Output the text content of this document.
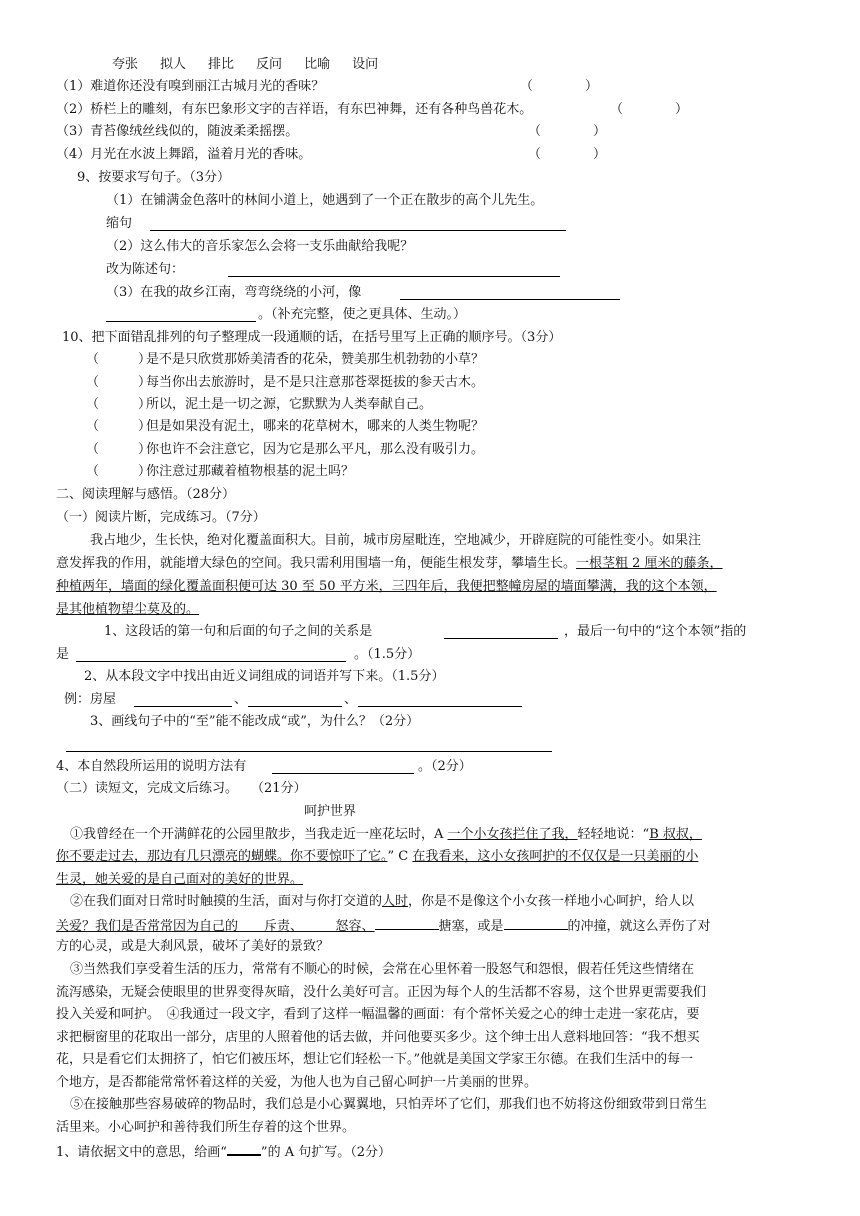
夸张 拟人 排比 反问 比喻 设问
（1）难道你还没有嗅到丽江古城月光的香味？	（　　　　）
（2）桥栏上的雕刻，有东巴象形文字的吉祥语，有东巴神舞，还有各种鸟兽花木。	（　　　　）
（3）青苔像绒丝线似的，随波柔柔摇摆。	（　　　　）
（4）月光在水波上舞蹈，溢着月光的香味。	（　　　　）
9、按要求写句子。（3分）
（1）在铺满金色落叶的林间小道上，她遇到了一个正在散步的高个儿先生。
缩句
（2）这么伟大的音乐家怎么会将一支乐曲献给我呢？
改为陈述句：
（3）在我的故乡江南，弯弯绕绕的小河，像
。（补充完整，使之更具体、生动。）
10、把下面错乱排列的句子整理成一段通顺的话，在括号里写上正确的顺序号。（3分）
（　　　）
是不是只欣赏那娇美清香的花朵，赞美那生机勃勃的小草？
（　　　）
每当你出去旅游时，是不是只注意那苍翠挺拔的参天古木。
（　　　）
所以，泥土是一切之源，它默默为人类奉献自己。
（　　　）
但是如果没有泥土，哪来的花草树木，哪来的人类生物呢？
（　　　）
你也许不会注意它，因为它是那么平凡，那么没有吸引力。
（　　　）
你注意过那藏着植物根基的泥土吗？
二、阅读理解与感悟。（28分）
（一）阅读片断，完成练习。（7分）
我占地少，生长快，绝对化覆盖面积大。目前，城市房屋毗连，空地减少，开辟庭院的可能性变小。如果注
意发挥我的作用，就能增大绿色的空间。我只需利用围墙一角，便能生根发芽，攀墙生长。一根茎粗 2 厘米的藤条，
种植两年，墙面的绿化覆盖面积便可达 30 至 50 平方米，三四年后，我便把整幢房屋的墙面攀满，我的这个本领，
是其他植物望尘莫及的。
1、这段话的第一句和后面的句子之间的关系是	，最后一句中的“这个本领”指的
是	。（1.5分）
2、从本段文字中找出由近义词组成的词语并写下来。（1.5分）
例：房屋	、	、
3、画线句子中的“至”能不能改成“或”，为什么？（2分）
4、本自然段所运用的说明方法有	。（2分）
（二）读短文，完成文后练习。　　（21分）
呵护世界
①我曾经在一个开满鲜花的公园里散步，当我走近一座花坛时，A 一个小女孩拦住了我，轻轻地说：“B 叔叔，
你不要走过去，那边有几只漂亮的蝴蝶。你不要惊吓了它。” C 在我看来，这小女孩呵护的不仅仅是一只美丽的小
生灵，她关爱的是自己面对的美好的世界。
②在我们面对日常时时触摸的生活，面对与你打交道的人时，你是不是像这个小女孩一样地小心呵护，给人以
关爱？我们是否常常因为自己的　　斥责、　　　怒容、	搪塞，或是	的冲撞，就这么弄伤了对
方的心灵，或是大刹风景，破坏了美好的景致？
③当然我们享受着生活的压力，常常有不顺心的时候，会常在心里怀着一股怒气和怨恨，假若任凭这些情绪在
流泻感染，无疑会使眼里的世界变得灰暗，没什么美好可言。正因为每个人的生活都不容易，这个世界更需要我们
投入关爱和呵护。　④我通过一段文字，看到了这样一幅温馨的画面：有个常怀关爱之心的绅士走进一家花店，要
求把橱窗里的花取出一部分，店里的人照着他的话去做，并问他要买多少。这个绅士出人意料地回答：“我不想买
花，只是看它们太拥挤了，怕它们被压坏，想让它们轻松一下。”他就是美国文学家王尔德。在我们生活中的每一
个地方，是否都能常常怀着这样的关爱，为他人也为自己留心呵护一片美丽的世界。
⑤在接触那些容易破碎的物品时，我们总是小心翼翼地，只怕弄坏了它们，那我们也不妨将这份细致带到日常生
活里来。小心呵护和善待我们所生存着的这个世界。
1、请依据文中的意思，给画“	”的 A 句扩写。（2分）
